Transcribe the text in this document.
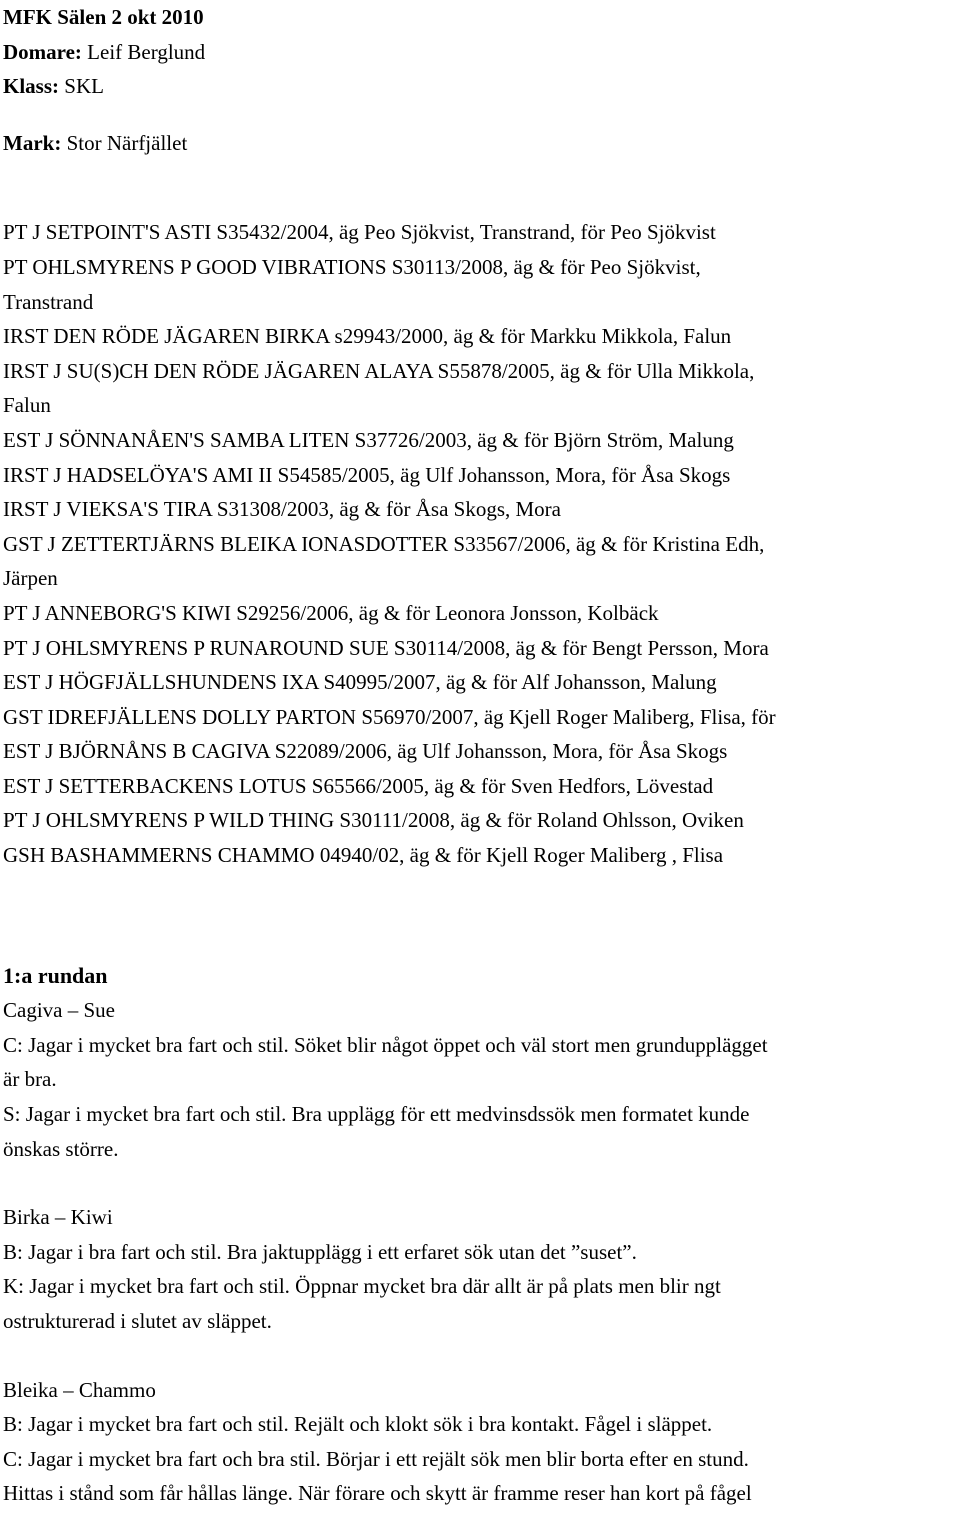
MFK Sälen 2 okt 2010
Domare: Leif Berglund
Klass: SKL
Mark: Stor Närfjället
PT J SETPOINT'S ASTI S35432/2004, äg Peo Sjökvist, Transtrand, för Peo Sjökvist
PT OHLSMYRENS P GOOD VIBRATIONS S30113/2008, äg & för Peo Sjökvist,
Transtrand
IRST DEN RÖDE JÄGAREN BIRKA s29943/2000, äg & för Markku Mikkola, Falun
IRST J SU(S)CH DEN RÖDE JÄGAREN ALAYA S55878/2005, äg & för Ulla Mikkola,
Falun
EST J SÖNNANÅEN'S SAMBA LITEN S37726/2003, äg & för Björn Ström, Malung
IRST J HADSELÖYA'S AMI II S54585/2005, äg Ulf Johansson, Mora, för Åsa Skogs
IRST J VIEKSA'S TIRA S31308/2003, äg & för Åsa Skogs, Mora
GST J ZETTERTJÄRNS BLEIKA IONASDOTTER S33567/2006, äg & för Kristina Edh,
Järpen
PT J ANNEBORG'S KIWI S29256/2006, äg & för Leonora Jonsson, Kolbäck
PT J OHLSMYRENS P RUNAROUND SUE S30114/2008, äg & för Bengt Persson, Mora
EST J HÖGFJÄLLSHUNDENS IXA S40995/2007, äg & för Alf Johansson, Malung
GST IDREFJÄLLENS DOLLY PARTON S56970/2007, äg Kjell Roger Maliberg, Flisa, för
EST J BJÖRNÅNS B CAGIVA S22089/2006, äg Ulf Johansson, Mora, för Åsa Skogs
EST J SETTERBACKENS LOTUS S65566/2005, äg & för Sven Hedfors, Lövestad
PT J OHLSMYRENS P WILD THING S30111/2008, äg & för Roland Ohlsson, Oviken
GSH BASHAMMERNS CHAMMO 04940/02, äg & för Kjell Roger Maliberg , Flisa
1:a rundan
Cagiva – Sue
C: Jagar i mycket bra fart och stil. Söket blir något öppet och väl stort men grundupplägget
är bra.
S: Jagar i mycket bra fart och stil. Bra upplägg för ett medvinsdssök men formatet kunde
önskas större.
Birka – Kiwi
B: Jagar i bra fart och stil. Bra jaktupplägg i ett erfaret sök utan det ”suset”.
K: Jagar i mycket bra fart och stil. Öppnar mycket bra där allt är på plats men blir ngt
ostrukturerad i slutet av släppet.
Bleika – Chammo
B: Jagar i mycket bra fart och stil. Rejält och klokt sök i bra kontakt. Fågel i släppet.
C: Jagar i mycket bra fart och bra stil. Börjar i ett rejält sök men blir borta efter en stund.
Hittas i stånd som får hållas länge. När förare och skytt är framme reser han kort på fågel
